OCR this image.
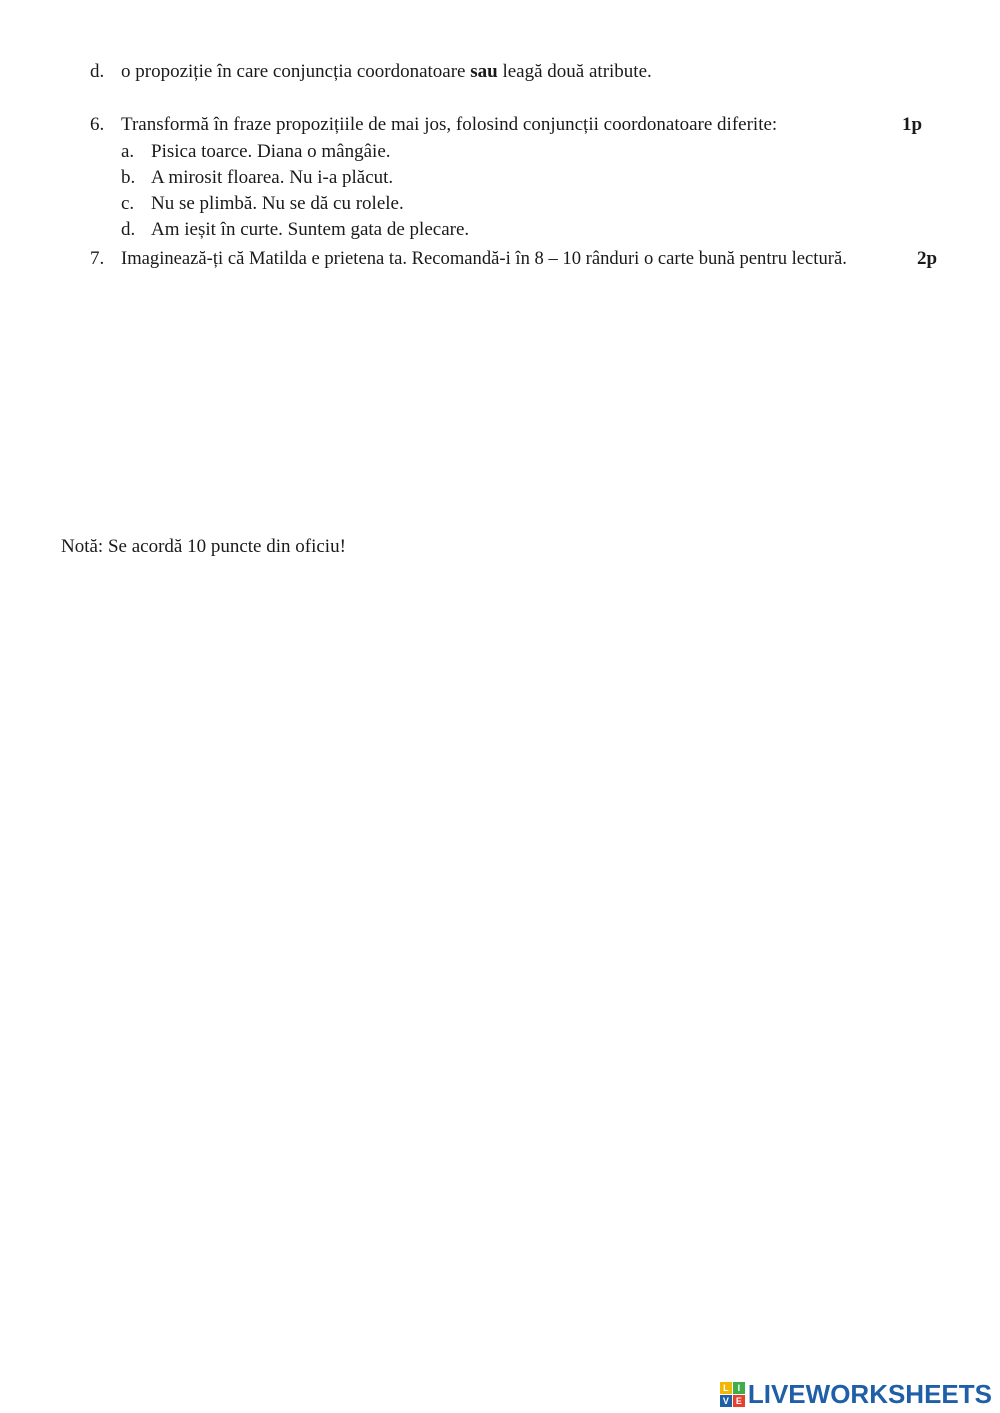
d. o propoziție în care conjuncția coordonatoare sau leagă două atribute.
6. Transformă în fraze propozițiile de mai jos, folosind conjuncții coordonatoare diferite:	1p
a. Pisica toarce. Diana o mângâie.
b. A mirosit floarea. Nu i-a plăcut.
c. Nu se plimbă. Nu se dă cu rolele.
d. Am ieșit în curte. Suntem gata de plecare.
7. Imaginează-ți că Matilda e prietena ta. Recomandă-i în 8 – 10 rânduri o carte bună pentru lectură.	2p
Notă: Se acordă 10 puncte din oficiu!
L I
V E LIVEWORKSHEETS
